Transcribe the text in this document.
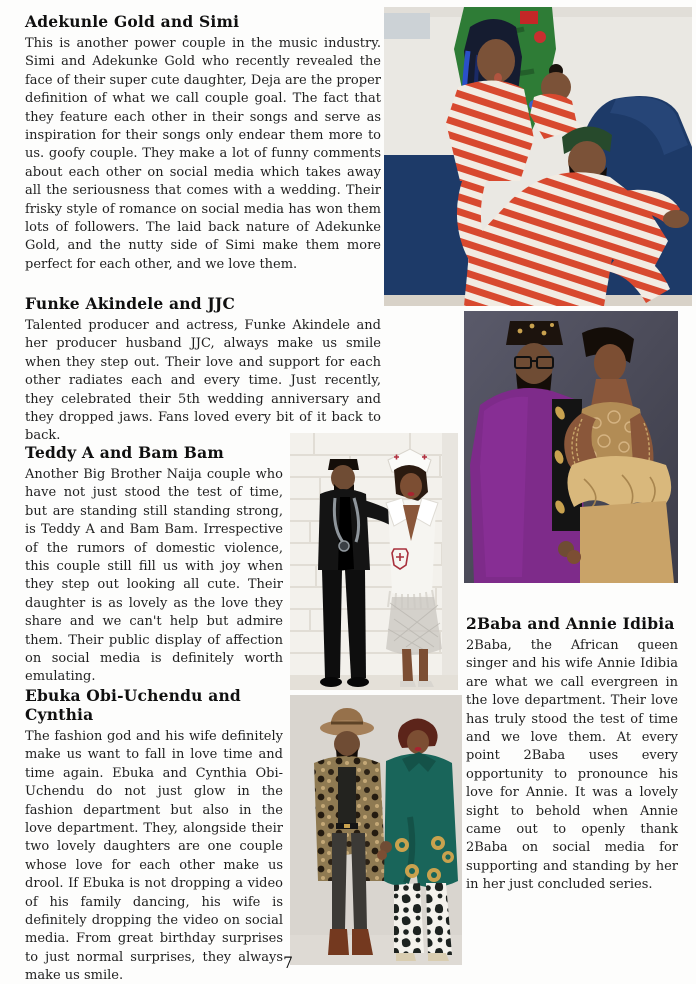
Adekunle Gold and Simi

This is another power couple in the music industry. Simi and Adekunke Gold who recently revealed the face of their super cute daughter, Deja are the proper definition of what we call couple goal. The fact that they feature each other in their songs and serve as inspiration for their songs only endear them more to us. goofy couple. They make a lot of funny comments about each other on social media which takes away all the seriousness that comes with a wedding. Their frisky style of romance on social media has won them lots of followers. The laid back nature of Adekunke Gold, and the nutty side of Simi make them more perfect for each other, and we love them.

Funke Akindele and JJC

Talented producer and actress, Funke Akindele and her producer husband JJC, always make us smile when they step out. Their love and support for each other radiates each and every time. Just recently, they celebrated their 5th wedding anniversary and they dropped jaws. Fans loved every bit of it back to back.

Teddy A and Bam Bam

Another Big Brother Naija couple who have not just stood the test of time, but are standing still standing strong, is Teddy A and Bam Bam. Irrespective of the rumors of domestic violence, this couple still fill us with joy when they step out looking all cute. Their daughter is as lovely as the love they share and we can't help but admire them. Their public display of affection on social media is definitely worth emulating.

Ebuka Obi-Uchendu and Cynthia

The fashion god and his wife definitely make us want to fall in love time and time again. Ebuka and Cynthia Obi-Uchendu do not just glow in the fashion department but also in the love department. They, alongside their two lovely daughters are one couple whose love for each other make us drool. If Ebuka is not dropping a video of his family dancing, his wife is definitely dropping the video on social media. From great birthday surprises to just normal surprises, they always make us smile.

2Baba and Annie Idibia

2Baba, the African queen singer and his wife Annie Idibia are what we call evergreen in the love department. Their love has truly stood the test of time and we love them. At every point 2Baba uses every opportunity to pronounce his love for Annie. It was a lovely sight to behold when Annie came out to openly thank 2Baba on social media for supporting and standing by her in her just concluded series.

7
